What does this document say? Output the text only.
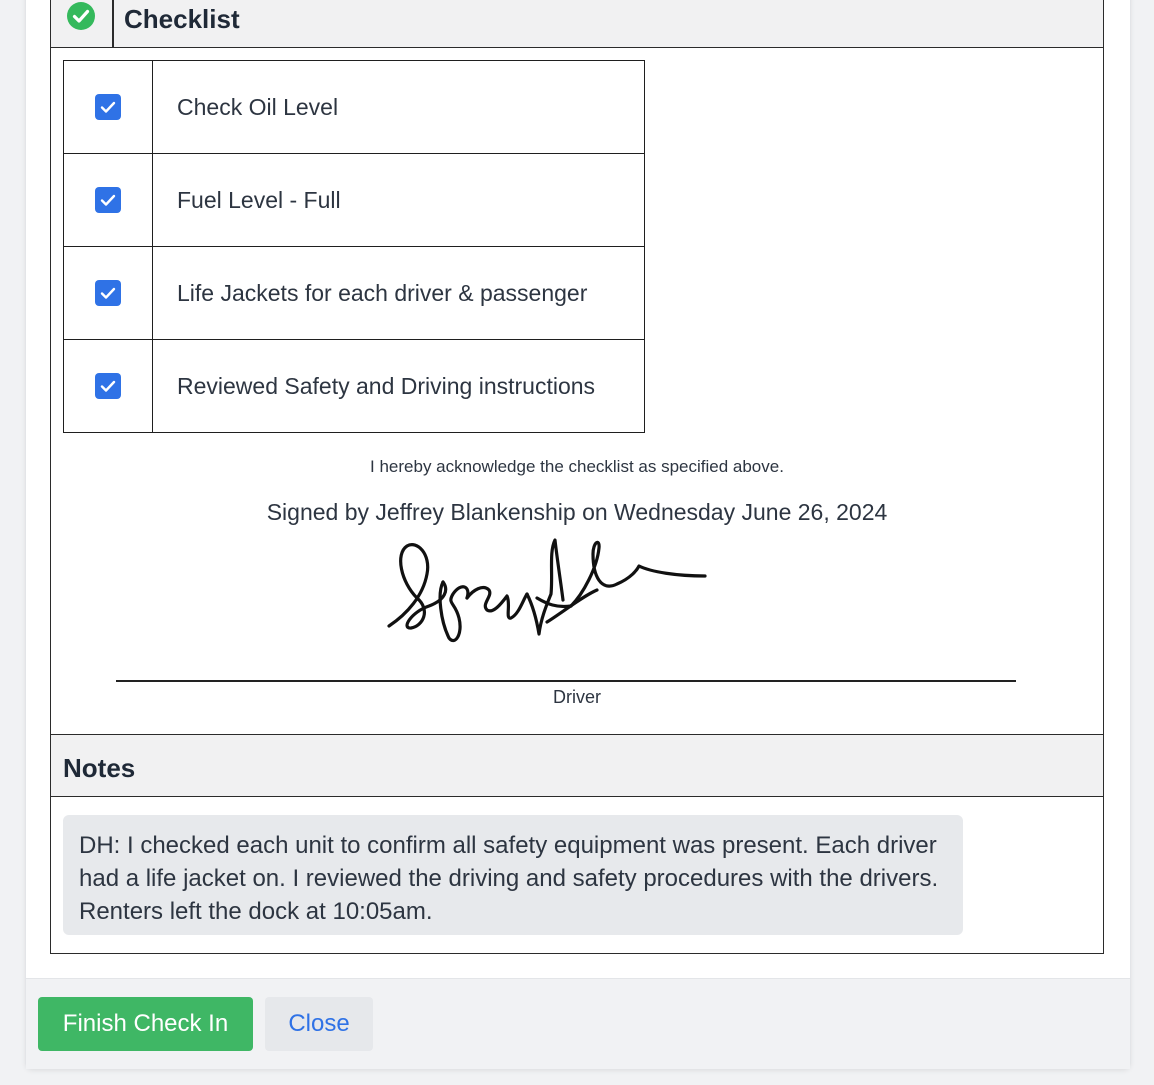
Checklist
	Check Oil Level

	Fuel Level - Full

	Life Jackets for each driver & passenger

	Reviewed Safety and Driving instructions
I hereby acknowledge the checklist as specified above.
Signed by Jeffrey Blankenship on Wednesday June 26, 2024
Driver
Notes
DH: I checked each unit to confirm all safety equipment was present. Each driver had a life jacket on. I reviewed the driving and safety procedures with the drivers. Renters left the dock at 10:05am.
Finish Check In	Close
